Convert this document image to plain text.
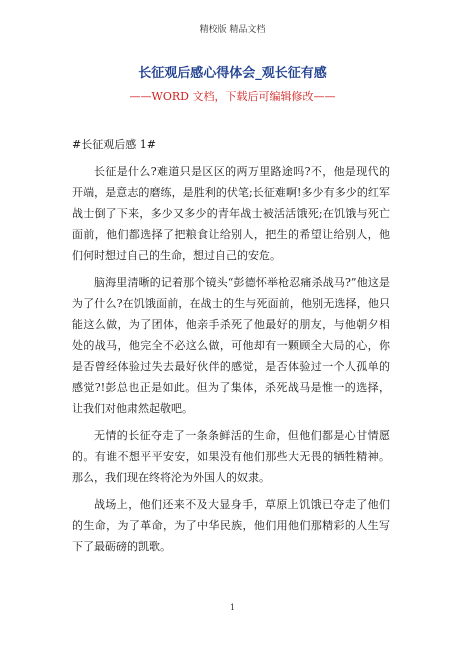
精校版 精品文档
长征观后感心得体会_观长征有感
——WORD 文档，下载后可编辑修改——

#长征观后感 1#

长征是什么?难道只是区区的两万里路途吗?不，他是现代的开端，是意志的磨练，是胜利的伏笔;长征难啊!多少有多少的红军战士倒了下来，多少又多少的青年战士被活活饿死;在饥饿与死亡面前，他们都选择了把粮食让给别人，把生的希望让给别人，他们何时想过自己的生命，想过自己的安危。

脑海里清晰的记着那个镜头“彭德怀举枪忍痛杀战马?”他这是为了什么?在饥饿面前，在战士的生与死面前，他别无选择，他只能这么做，为了团体，他亲手杀死了他最好的朋友，与他朝夕相处的战马，他完全不必这么做，可他却有一颗顾全大局的心，你是否曾经体验过失去最好伙伴的感觉，是否体验过一个人孤单的感觉?!彭总也正是如此。但为了集体，杀死战马是惟一的选择，让我们对他肃然起敬吧。

无情的长征夺走了一条条鲜活的生命，但他们都是心甘情愿的。有谁不想平平安安，如果没有他们那些大无畏的牺牲精神。那么，我们现在终将沦为外国人的奴隶。

战场上，他们还来不及大显身手，草原上饥饿已夺走了他们的生命，为了革命，为了中华民族，他们用他们那精彩的人生写下了最砺磅的凯歌。

1
